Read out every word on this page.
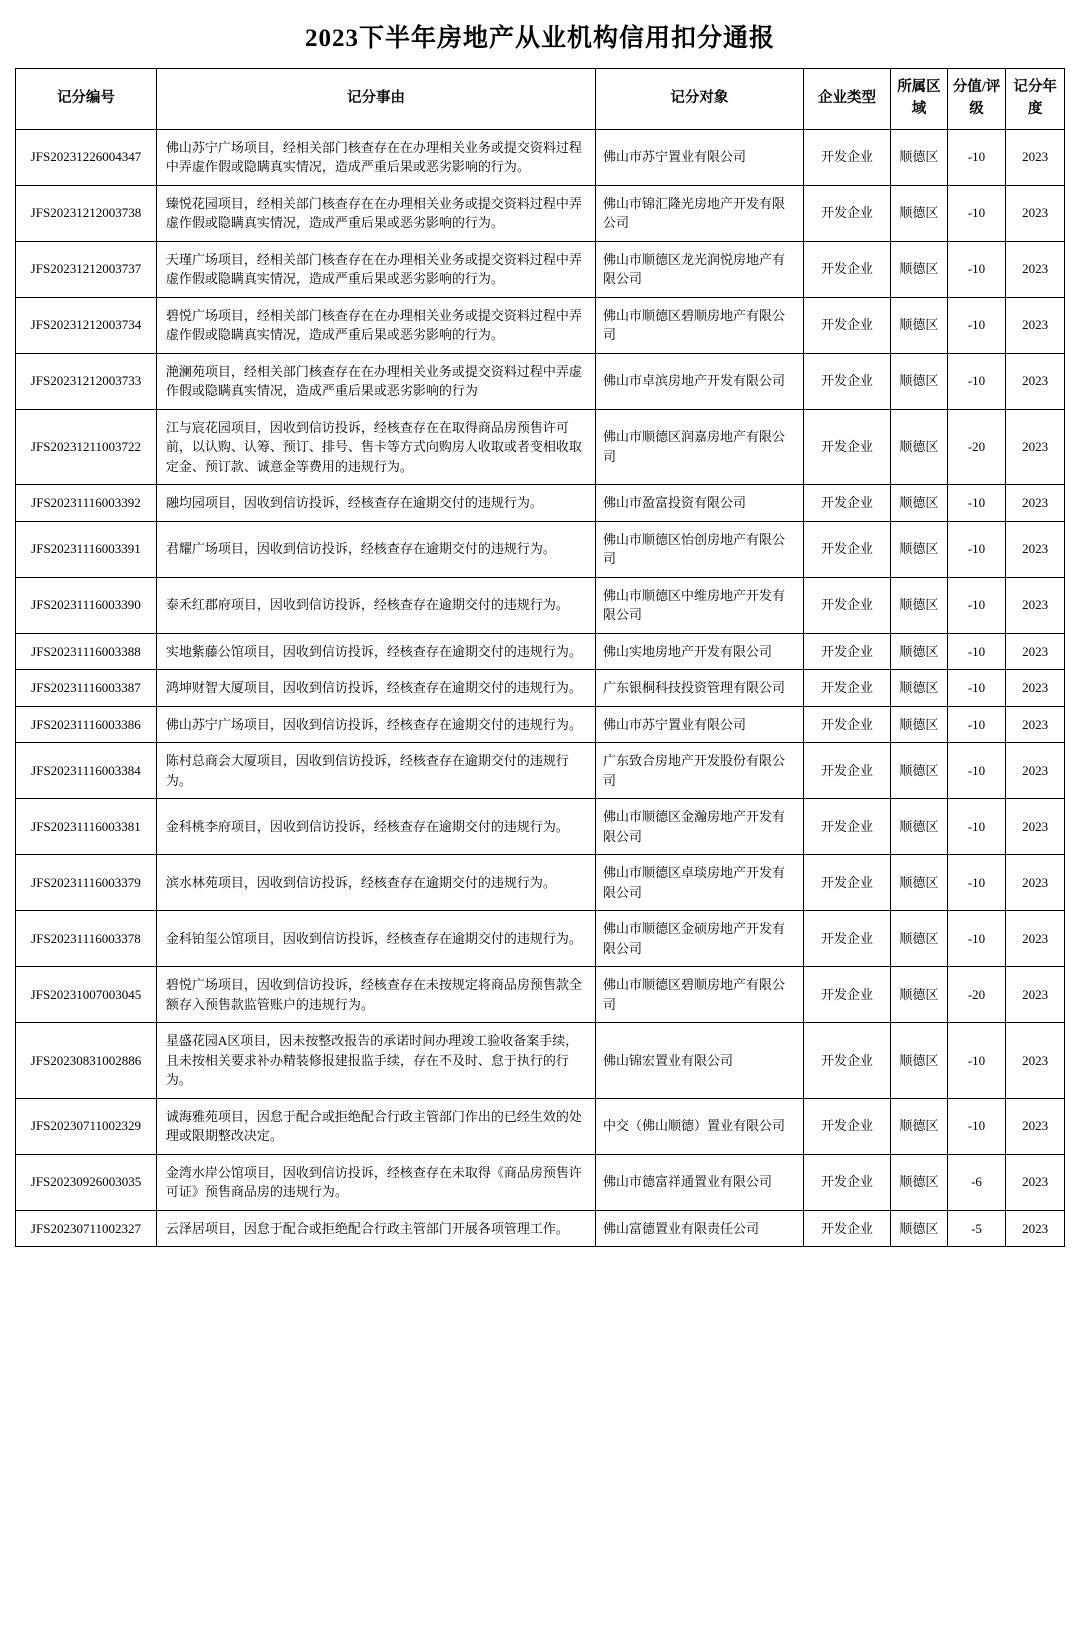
2023下半年房地产从业机构信用扣分通报
记分编号	记分事由	记分对象	企业类型	所属区域	分值/评级	记分年度
JFS20231226004347	佛山苏宁广场项目，经相关部门核查存在在办理相关业务或提交资料过程中弄虚作假或隐瞒真实情况，造成严重后果或恶劣影响的行为。	佛山市苏宁置业有限公司	开发企业	顺德区	-10	2023
JFS20231212003738	臻悦花园项目，经相关部门核查存在在办理相关业务或提交资料过程中弄虚作假或隐瞒真实情况，造成严重后果或恶劣影响的行为。	佛山市锦汇隆光房地产开发有限公司	开发企业	顺德区	-10	2023
JFS20231212003737	天瑾广场项目，经相关部门核查存在在办理相关业务或提交资料过程中弄虚作假或隐瞒真实情况，造成严重后果或恶劣影响的行为。	佛山市顺德区龙光润悦房地产有限公司	开发企业	顺德区	-10	2023
JFS20231212003734	碧悦广场项目，经相关部门核查存在在办理相关业务或提交资料过程中弄虚作假或隐瞒真实情况，造成严重后果或恶劣影响的行为。	佛山市顺德区碧顺房地产有限公司	开发企业	顺德区	-10	2023
JFS20231212003733	滟澜苑项目，经相关部门核查存在在办理相关业务或提交资料过程中弄虚作假或隐瞒真实情况，造成严重后果或恶劣影响的行为	佛山市卓滨房地产开发有限公司	开发企业	顺德区	-10	2023
JFS20231211003722	江与宸花园项目，因收到信访投诉，经核查存在在取得商品房预售许可前，以认购、认筹、预订、排号、售卡等方式向购房人收取或者变相收取定金、预订款、诚意金等费用的违规行为。	佛山市顺德区润嘉房地产有限公司	开发企业	顺德区	-20	2023
JFS20231116003392	融均园项目，因收到信访投诉，经核查存在逾期交付的违规行为。	佛山市盈富投资有限公司	开发企业	顺德区	-10	2023
JFS20231116003391	君耀广场项目，因收到信访投诉，经核查存在逾期交付的违规行为。	佛山市顺德区怡创房地产有限公司	开发企业	顺德区	-10	2023
JFS20231116003390	泰禾红郡府项目，因收到信访投诉，经核查存在逾期交付的违规行为。	佛山市顺德区中维房地产开发有限公司	开发企业	顺德区	-10	2023
JFS20231116003388	实地紫藤公馆项目，因收到信访投诉，经核查存在逾期交付的违规行为。	佛山实地房地产开发有限公司	开发企业	顺德区	-10	2023
JFS20231116003387	鸿坤财智大厦项目，因收到信访投诉，经核查存在逾期交付的违规行为。	广东银桐科技投资管理有限公司	开发企业	顺德区	-10	2023
JFS20231116003386	佛山苏宁广场项目，因收到信访投诉，经核查存在逾期交付的违规行为。	佛山市苏宁置业有限公司	开发企业	顺德区	-10	2023
JFS20231116003384	陈村总商会大厦项目，因收到信访投诉，经核查存在逾期交付的违规行为。	广东致合房地产开发股份有限公司	开发企业	顺德区	-10	2023
JFS20231116003381	金科桃李府项目，因收到信访投诉，经核查存在逾期交付的违规行为。	佛山市顺德区金瀚房地产开发有限公司	开发企业	顺德区	-10	2023
JFS20231116003379	滨水林苑项目，因收到信访投诉，经核查存在逾期交付的违规行为。	佛山市顺德区卓琰房地产开发有限公司	开发企业	顺德区	-10	2023
JFS20231116003378	金科铂玺公馆项目，因收到信访投诉，经核查存在逾期交付的违规行为。	佛山市顺德区金硕房地产开发有限公司	开发企业	顺德区	-10	2023
JFS20231007003045	碧悦广场项目，因收到信访投诉，经核查存在未按规定将商品房预售款全额存入预售款监管账户的违规行为。	佛山市顺德区碧顺房地产有限公司	开发企业	顺德区	-20	2023
JFS20230831002886	星盛花园A区项目，因未按整改报告的承诺时间办理竣工验收备案手续，且未按相关要求补办精装修报建报监手续，存在不及时、怠于执行的行为。	佛山锦宏置业有限公司	开发企业	顺德区	-10	2023
JFS20230711002329	诚海雅苑项目，因怠于配合或拒绝配合行政主管部门作出的已经生效的处理或限期整改决定。	中交（佛山顺德）置业有限公司	开发企业	顺德区	-10	2023
JFS20230926003035	金湾水岸公馆项目，因收到信访投诉，经核查存在未取得《商品房预售许可证》预售商品房的违规行为。	佛山市德富祥通置业有限公司	开发企业	顺德区	-6	2023
JFS20230711002327	云泽居项目，因怠于配合或拒绝配合行政主管部门开展各项管理工作。	佛山富德置业有限责任公司	开发企业	顺德区	-5	2023
